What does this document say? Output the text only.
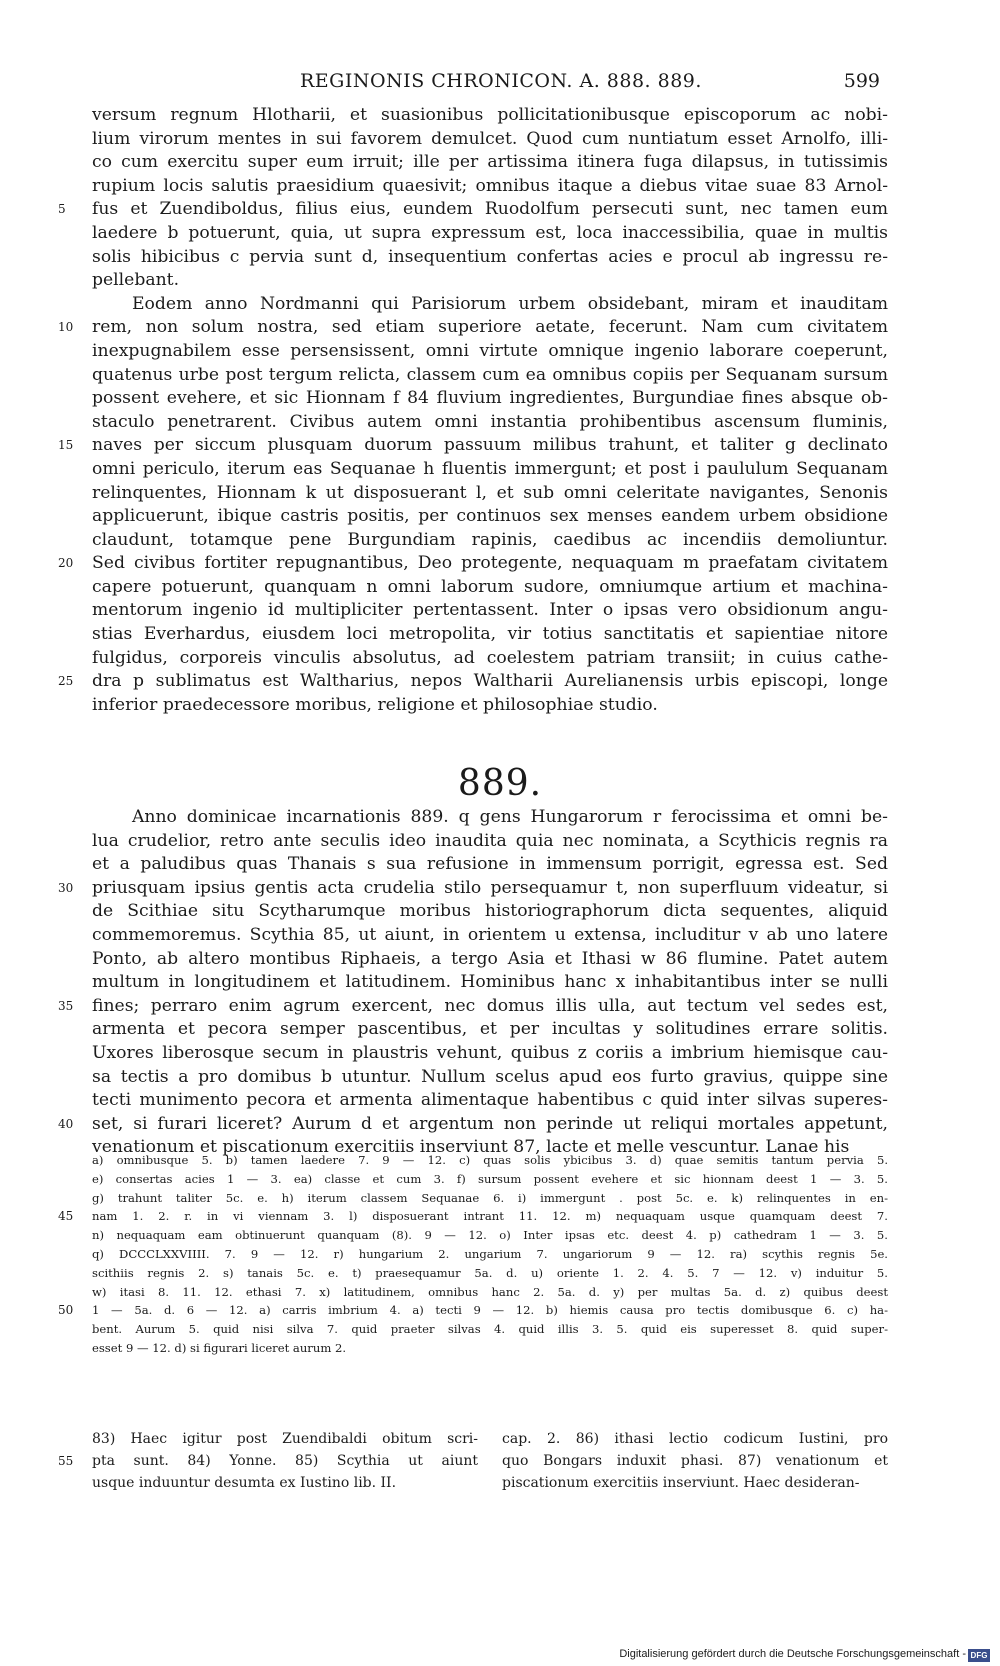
REGINONIS CHRONICON. A. 888. 889.	599
versum regnum Hlotharii, et suasionibus pollicitationibusque episcoporum ac nobi-
lium virorum mentes in sui favorem demulcet. Quod cum nuntiatum esset Arnolfo, illi-
co cum exercitu super eum irruit; ille per artissima itinera fuga dilapsus, in tutissimis
rupium locis salutis praesidium quaesivit; omnibus itaque a diebus vitae suae 83 Arnol-
5	fus et Zuendiboldus, filius eius, eundem Ruodolfum persecuti sunt, nec tamen eum
laedere b potuerunt, quia, ut supra expressum est, loca inaccessibilia, quae in multis
solis hibicibus c pervia sunt d, insequentium confertas acies e procul ab ingressu re-
pellebant.
Eodem anno Nordmanni qui Parisiorum urbem obsidebant, miram et inauditam
10	rem, non solum nostra, sed etiam superiore aetate, fecerunt. Nam cum civitatem
inexpugnabilem esse persensissent, omni virtute omnique ingenio laborare coeperunt,
quatenus urbe post tergum relicta, classem cum ea omnibus copiis per Sequanam sursum
possent evehere, et sic Hionnam f 84 fluvium ingredientes, Burgundiae fines absque ob-
staculo penetrarent. Civibus autem omni instantia prohibentibus ascensum fluminis,
15	naves per siccum plusquam duorum passuum milibus trahunt, et taliter g declinato
omni periculo, iterum eas Sequanae h fluentis immergunt; et post i paululum Sequanam
relinquentes, Hionnam k ut disposuerant l, et sub omni celeritate navigantes, Senonis
applicuerunt, ibique castris positis, per continuos sex menses eandem urbem obsidione
claudunt, totamque pene Burgundiam rapinis, caedibus ac incendiis demoliuntur.
20	Sed civibus fortiter repugnantibus, Deo protegente, nequaquam m praefatam civitatem
capere potuerunt, quanquam n omni laborum sudore, omniumque artium et machina-
mentorum ingenio id multipliciter pertentassent. Inter o ipsas vero obsidionum angu-
stias Everhardus, eiusdem loci metropolita, vir totius sanctitatis et sapientiae nitore
fulgidus, corporeis vinculis absolutus, ad coelestem patriam transiit; in cuius cathe-
25	dra p sublimatus est Waltharius, nepos Waltharii Aurelianensis urbis episcopi, longe
inferior praedecessore moribus, religione et philosophiae studio.
889.
Anno dominicae incarnationis 889. q gens Hungarorum r ferocissima et omni be-
lua crudelior, retro ante seculis ideo inaudita quia nec nominata, a Scythicis regnis ra
et a paludibus quas Thanais s sua refusione in immensum porrigit, egressa est. Sed
30	priusquam ipsius gentis acta crudelia stilo persequamur t, non superfluum videatur, si
de Scithiae situ Scytharumque moribus historiographorum dicta sequentes, aliquid
commemoremus. Scythia 85, ut aiunt, in orientem u extensa, includitur v ab uno latere
Ponto, ab altero montibus Riphaeis, a tergo Asia et Ithasi w 86 flumine. Patet autem
multum in longitudinem et latitudinem. Hominibus hanc x inhabitantibus inter se nulli
35	fines; perraro enim agrum exercent, nec domus illis ulla, aut tectum vel sedes est,
armenta et pecora semper pascentibus, et per incultas y solitudines errare solitis.
Uxores liberosque secum in plaustris vehunt, quibus z coriis a imbrium hiemisque cau-
sa tectis a pro domibus b utuntur. Nullum scelus apud eos furto gravius, quippe sine
tecti munimento pecora et armenta alimentaque habentibus c quid inter silvas superes-
40	set, si furari liceret? Aurum d et argentum non perinde ut reliqui mortales appetunt,
venationum et piscationum exercitiis inserviunt 87, lacte et melle vescuntur. Lanae his
a) omnibusque 5. b) tamen laedere 7. 9 — 12. c) quas solis ybicibus 3. d) quae semitis tantum pervia 5.
e) consertas acies 1 — 3. ea) classe et cum 3. f) sursum possent evehere et sic hionnam deest 1 — 3. 5.
g) trahunt taliter 5c. e. h) iterum classem Sequanae 6. i) immergunt . post 5c. e. k) relinquentes in en-
45	nam 1. 2. r. in vi viennam 3. l) disposuerant intrant 11. 12. m) nequaquam usque quamquam deest 7.
n) nequaquam eam obtinuerunt quanquam (8). 9 — 12. o) Inter ipsas etc. deest 4. p) cathedram 1 — 3. 5.
q) DCCCLXXVIIII. 7. 9 — 12. r) hungarium 2. ungarium 7. ungariorum 9 — 12. ra) scythis regnis 5e.
scithiis regnis 2. s) tanais 5c. e. t) praesequamur 5a. d. u) oriente 1. 2. 4. 5. 7 — 12. v) induitur 5.
w) itasi 8. 11. 12. ethasi 7. x) latitudinem, omnibus hanc 2. 5a. d. y) per multas 5a. d. z) quibus deest
50	1 — 5a. d. 6 — 12. a) carris imbrium 4. a) tecti 9 — 12. b) hiemis causa pro tectis domibusque 6. c) ha-
bent. Aurum 5. quid nisi silva 7. quid praeter silvas 4. quid illis 3. 5. quid eis superesset 8. quid super-
esset 9 — 12. d) si figurari liceret aurum 2.
83) Haec igitur post Zuendibaldi obitum scri-
55	pta sunt. 84) Yonne. 85) Scythia ut aiunt
usque induuntur desumta ex Iustino lib. II.
cap. 2. 86) ithasi lectio codicum Iustini, pro
quo Bongars induxit phasi. 87) venationum et
piscationum exercitiis inserviunt. Haec desideran-
Digitalisierung gefördert durch die Deutsche Forschungsgemeinschaft - DFG
